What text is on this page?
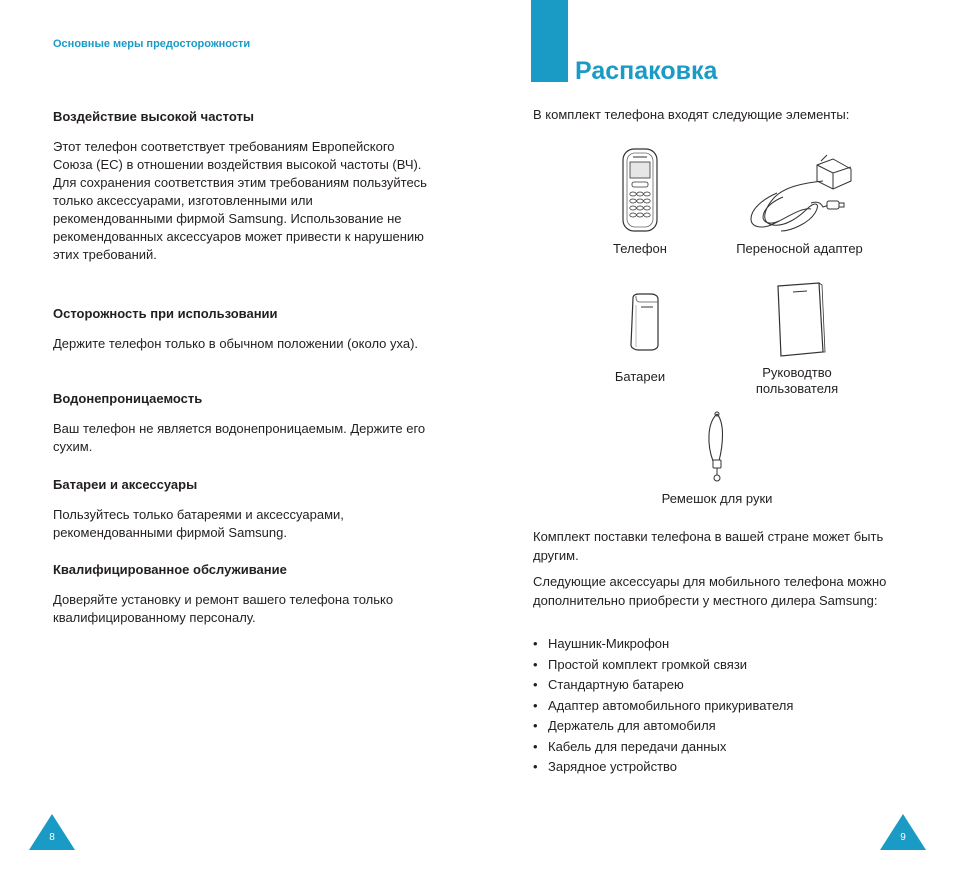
Основные меры предосторожности
Воздействие высокой частоты

Этот телефон соответствует требованиям Европейского Союза (ЕС) в отношении воздействия высокой частоты (ВЧ). Для сохранения соответствия этим требованиям пользуйтесь только аксессуарами, изготовленными или рекомендованными фирмой Samsung. Использование не рекомендованных аксессуаров может привести к нарушению этих требований.

Осторожность при использовании

Держите телефон только в обычном положении (около уха).

Водонепроницаемость

Ваш телефон не является водонепроницаемым. Держите его сухим.

Батареи и аксессуары

Пользуйтесь только батареями и аксессуарами, рекомендованными фирмой Samsung.

Квалифицированное обслуживание

Доверяйте установку и ремонт вашего телефона только квалифицированному персоналу.

8
Распаковка

В комплект телефона входят следующие элементы:

Телефон	Переносной адаптер

Батареи	Руководтво пользователя

Ремешок для руки

Комплект поставки телефона в вашей стране может быть другим.

Следующие аксессуары для мобильного телефона можно дополнительно приобрести у местного дилера Samsung:

• Наушник-Микрофон
• Простой комплект громкой связи
• Стандартную батарею
• Адаптер автомобильного прикуривателя
• Держатель для автомобиля
• Кабель для передачи данных
• Зарядное устройство
9
